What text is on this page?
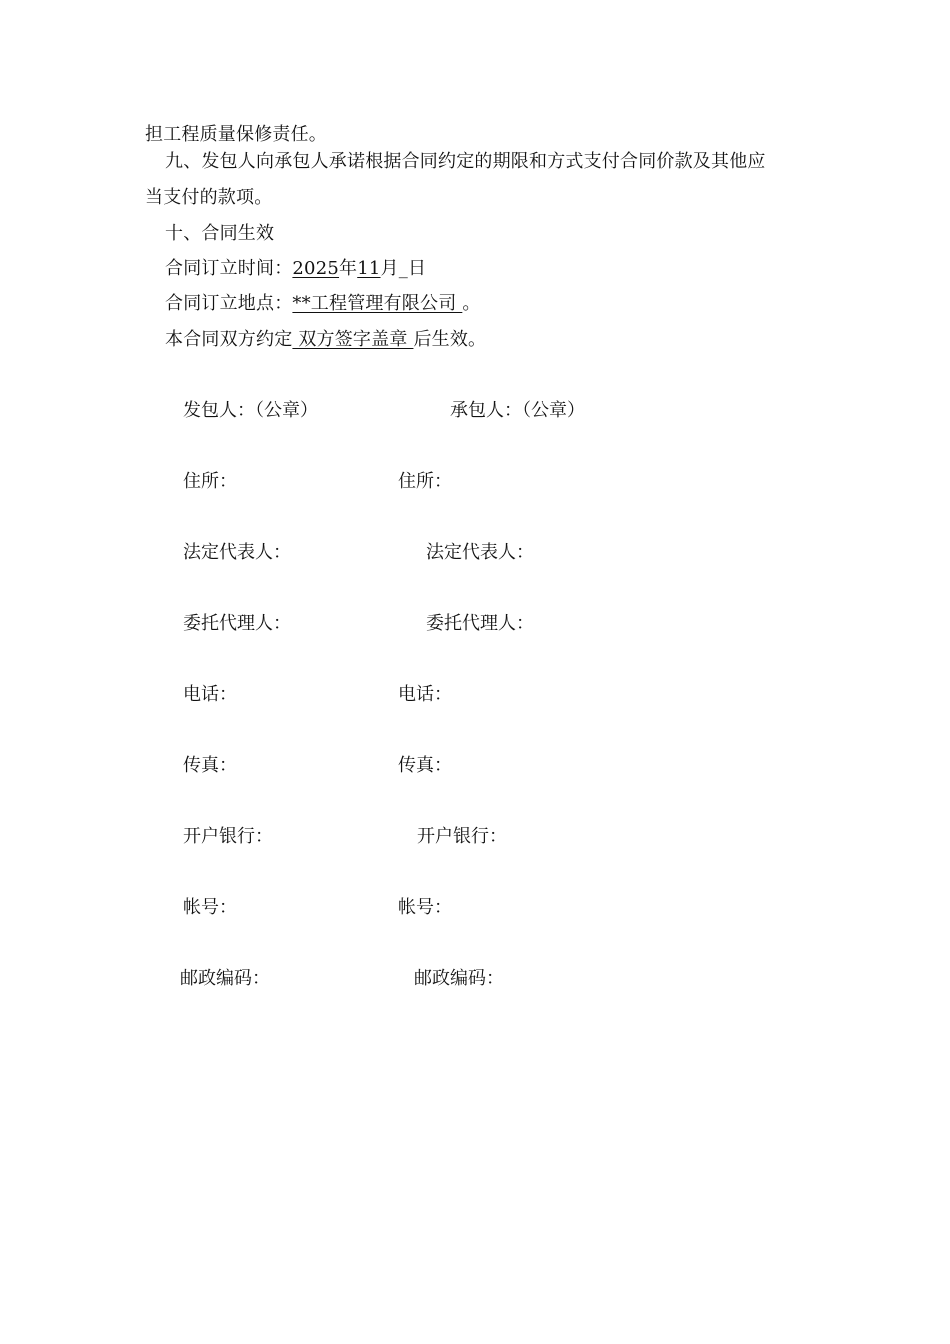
担工程质量保修责任。
九、发包人向承包人承诺根据合同约定的期限和方式支付合同价款及其他应
当支付的款项。
十、合同生效
合同订立时间：2025年11月_日
合同订立地点：**工程管理有限公司 。
本合同双方约定 双方签字盖章 后生效。
发包人：（公章）
住所：
法定代表人：
委托代理人：
电话：
传真：
开户银行：
帐号：
邮政编码：
承包人：（公章）
住所：
法定代表人：
委托代理人：
电话：
传真：
开户银行：
帐号：
邮政编码：
